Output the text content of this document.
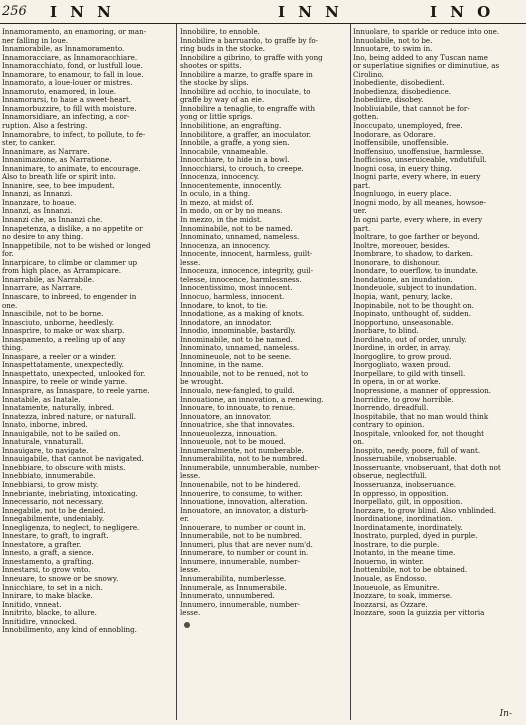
256 I N N	I N N	I N O

Innamoramento, an enamoring, or man-

ner falling in loue.

Innamorabile, as Innamoramento.

Innamoracciare, as Innamoracchiare.

Innamoracchiato, fond, or lustfull loue.

Innamorare, to enamour, to fall in loue.

Innamorato, a loue-louer or mistres.

Innamoruto, enamored, in loue.

Innamorarsi, to haue a sweet-heart.

Innamorbuzzire, to fill with moisture.

Innamorsidiare, an infecting, a cor-

ruption. Also a festring.

Innamorabre, to infect, to pollute, to fe-

ster, to canker.

Innanimare, as Narrare.

Innanimazione, as Narratione.

Innanimare, to animate, to encourage.

Also to breath life or spirit into.

Innanire, see, to bee impudent.

Innanzi, as Innanzi.

Innanzare, to hoaue.

Innanzi, as Innanzi.

Innanzi che, as Innanzi che.

Innapetenza, a dislike, a no appetite or

no desire to any thing.

Innappetibile, not to be wished or longed

for.

Innarpicare, to climbe or clammer up

from high place, as Arrampicare.

Innarrabile, as Narrabile.

Innarrare, as Narrare.

Innascare, to inbreed, to engender in

one.

Innascibile, not to be borne.

Innasciuto, unborne, heedlesly.

Innasprire, to make or wax sharp.

Innaspamento, a reeling up of any

thing.

Innaspare, a reeler or a winder.

Innaspettatamente, unexpectedly.

Innaspettato, unexpected, unlooked for.

Innaspire, to reele or winde yarne.

Innasprare, as Innaspare, to reele yarne.

Innatabile, as Inatale.

Innatamente, naturally, inbred.

Innatezza, inbred nature, or naturall.

Innato, inborne, inbred.

Innauigabile, not to be sailed on.

Innaturale, vnnaturall.

Innauigare, to navigate.

Innauigabile, that cannot be navigated.

Innebbiare, to obscure with mists.

Innebbiato, innumerabile.

Innebbiarsi, to grow misty.

Innebriante, inebriating, intoxicating.

Innecessario, not necessary.

Innegabile, not to be denied.

Innegabilmente, undeniably.

Innegligenza, to neglect, to negligere.

Innestare, to graft, to ingraft.

Innestatore, a grafter.

Innesto, a graft, a sience.

Innestamento, a grafting.

Innestarsi, to grow vnto.

Inneuare, to snowe or be snowy.

Innicchiare, to set in a nich.

Innirare, to make blacke.

Innitido, vnneat.

Innitrito, blacke, to allure.

Innitidire, vnnocked.

Innobilimento, any kind of ennobling.

Innobilire, to ennoble.

Innobilire a barruardo, to graffe by fo-

ring buds in the stocke.

Innobilire a gibrino, to graffe with yong

shootes or spitts.

Innobilire a marze, to graffe spare in

the stocke by slips.

Innobilire ad occhio, to inoculate, to

graffe by way of an eie.

Innobilire a tenaglie, to engraffe with

yong or little sprigs.

Innobilitione, an engrafting.

Innobilitore, a graffer, an inoculator.

Innobile, a graffe, a yong sien.

Innocabile, vnnameable.

Innocchiare, to hide in a bowl.

Innocchiarsi, to crouch, to creepe.

Innocenza, innocency.

Innocentemente, innocently.

In oculo, in a thing.

In mezo, at midst of.

In modo, on or by no means.

In mezzo, in the midst.

Innominabile, not to be named.

Innominato, unnamed, nameless.

Innocenza, an innocency.

Innocente, innocent, harmless, guilt-

lesse.

Innoceuza, innocence, integrity, guil-

telesse, innocence, harmlessness.

Innocentissimo, most innocent.

Innocuo, harmless, innocent.

Innodare, to knot, to tie.

Innodatione, as a making of knots.

Innodatore, an innodator.

Innodio, innominable, bastardly.

Innominabile, not to be named.

Innominato, unnamed, nameless.

Innomineuole, not to be seene.

Innomine, in the name.

Innouabile, not to be renued, not to

be wrought.

Innoualo, new-fangled, to guild.

Innouatione, an innovation, a renewing.

Innouare, to innouate, to renue.

Innouatore, an innovator.

Innouatrice, she that innovates.

Innoueuolezza, innouation.

Innoueuole, not to be moued.

Innumeralmente, not numberable.

Innumerabilita, not to be numbred.

Innumerabile, unnumberable, number-

lesse.

Innouenabile, not to be hindered.

Innouerire, to consume, to wither.

Innouatione, innovation, alteration.

Innouatore, an innovator, a disturb-

er.

Innouerare, to number or count in.

Innumerabile, not to be numbred.

Innumeri, plus that are never num'd.

Innumerare, to number or count in.

Innumere, innumerable, number-

lesse.

Innumerabilita, numberlesse.

Innumerale, as Innumerabile.

Innumerato, unnumbered.

Innumero, innumerable, number-

lesse.

Innuolare, to sparkle or reduce into one.

Innuolabile, not to be.

Innuotare, to swim in.

Ino, being added to any Tuscan name

or superlatiue signifies or diminutiue, as

Cirolino.

Inobediente, disobedient.

Inobedienza, disobedience.

Inobediire, disobey.

Inobliuiabile, that cannot be for-

gotten.

Inoccupato, unemployed, free.

Inodorare, as Odorare.

Inoffensibile, unoffensible.

Inoffensiuo, unoffensiue, harmlesse.

Inofficioso, unseruiceable, vndutifull.

Inogni cosa, in euery thing.

Inogni parte, every where, in euery

part.

Inognluogo, in euery place.

Inogni modo, by all meanes, howsoe-

uer.

In ogni parte, every where, in every

part.

Inoltrare, to goe farther or beyond.

Inoltre, moreouer, besides.

Inombrare, to shadow, to darken.

Inonorare, to dishonour.

Inondare, to ouerflow, to inundate.

Inondatione, an inundation.

Inondeuole, subject to inundation.

Inopia, want, penury, lacke.

Inopinabile, not to be thought on.

Inopinato, unthought of, sudden.

Inopportuno, unseasonable.

Inorbare, to blind.

Inordinato, out of order, unruly.

Inordine, in order, in array.

Inorgoglire, to grow proud.

Inorgogliato, waxen proud.

Inorpellare, to gild with tinsell.

In opera, in or at worke.

Inopressione, a manner of oppression.

Inorridire, to grow horrible.

Inorrendo, dreadfull.

Inospitabile, that no man would think

contrary to opinion.

Inospitale, vnlooked for, not thought

on.

Inospito, needy, poore, full of want.

Inosseruabile, vnobseruable.

Inosseruante, vnobseruant, that doth not

obserue, neglectfull.

Inosseruanza, inobseruance.

In oppresso, in opposition.

Inorpellato, gilt, in opposition.

Inorzare, to grow blind. Also vnblinded.

Inordinatione, inordination.

Inordinatamente, inordinately.

Inostrato, purpled, dyed in purple.

Inostrare, to die purple.

Inotanto, in the meane time.

Inouerno, in winter.

Inottenibile, not to be obtained.

Inouale, as Endosso.

Inoueuole, as Emunitre.

Inozzare, to soak, immerse.

Inozzarsi, as Ozzare.

Inozzare, soon la guizzia per vittoria

In-
